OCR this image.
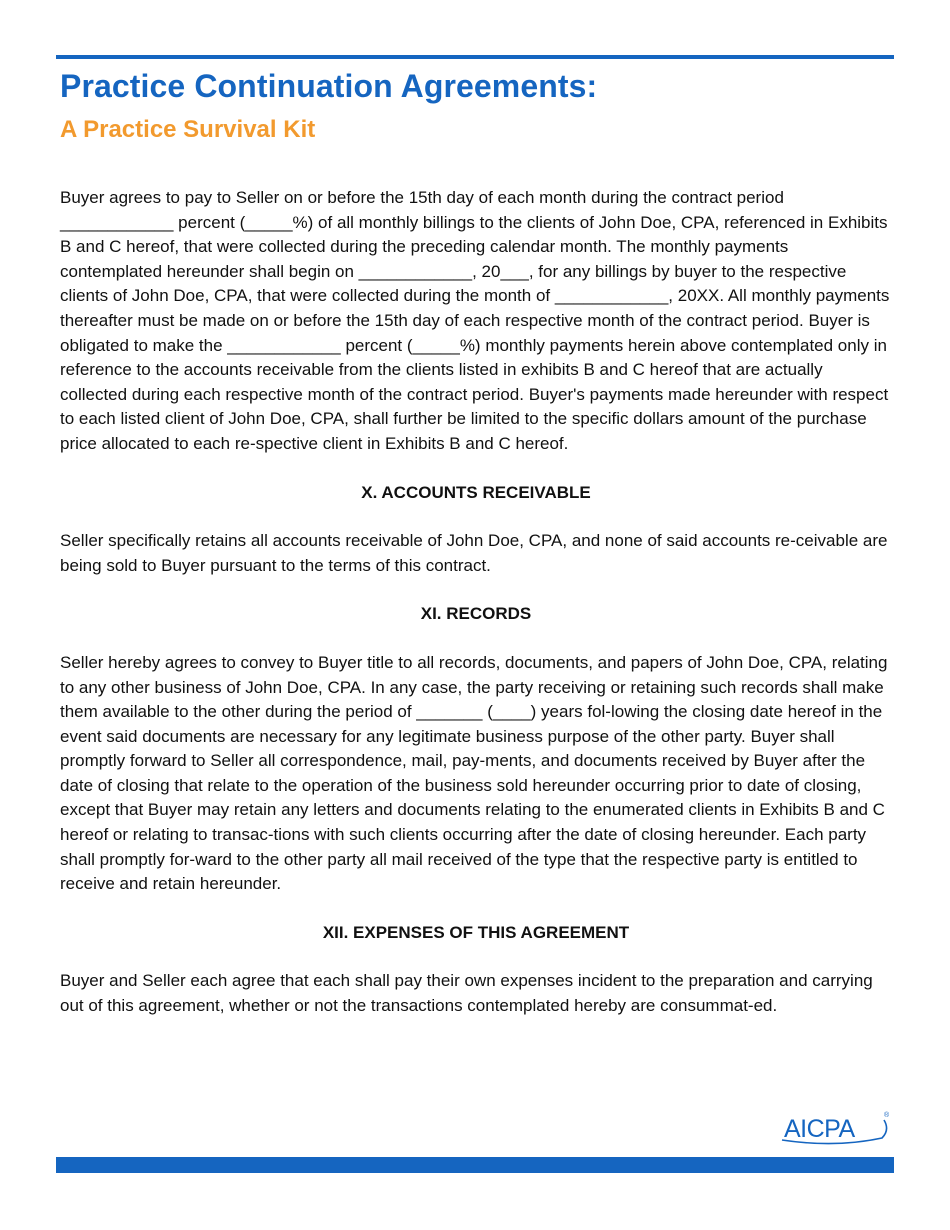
Practice Continuation Agreements:
A Practice Survival Kit

Buyer agrees to pay to Seller on or before the 15th day of each month during the contract period ____________ percent (_____%) of all monthly billings to the clients of John Doe, CPA, referenced in Exhibits B and C hereof, that were collected during the preceding calendar month. The monthly payments contemplated hereunder shall begin on ____________, 20___, for any billings by buyer to the respective clients of John Doe, CPA, that were collected during the month of ____________, 20XX. All monthly payments thereafter must be made on or before the 15th day of each respective month of the contract period. Buyer is obligated to make the ____________ percent (_____%) monthly payments herein above contemplated only in reference to the accounts receivable from the clients listed in exhibits B and C hereof that are actually collected during each respective month of the contract period. Buyer's payments made hereunder with respect to each listed client of John Doe, CPA, shall further be limited to the specific dollars amount of the purchase price allocated to each re-spective client in Exhibits B and C hereof.

X. ACCOUNTS RECEIVABLE

Seller specifically retains all accounts receivable of John Doe, CPA, and none of said accounts re-ceivable are being sold to Buyer pursuant to the terms of this contract.

XI. RECORDS

Seller hereby agrees to convey to Buyer title to all records, documents, and papers of John Doe, CPA, relating to any other business of John Doe, CPA. In any case, the party receiving or retaining such records shall make them available to the other during the period of _______ (____) years fol-lowing the closing date hereof in the event said documents are necessary for any legitimate business purpose of the other party. Buyer shall promptly forward to Seller all correspondence, mail, pay-ments, and documents received by Buyer after the date of closing that relate to the operation of the business sold hereunder occurring prior to date of closing, except that Buyer may retain any letters and documents relating to the enumerated clients in Exhibits B and C hereof or relating to transac-tions with such clients occurring after the date of closing hereunder. Each party shall promptly for-ward to the other party all mail received of the type that the respective party is entitled to receive and retain hereunder.

XII. EXPENSES OF THIS AGREEMENT

Buyer and Seller each agree that each shall pay their own expenses incident to the preparation and carrying out of this agreement, whether or not the transactions contemplated hereby are consummat-ed.

AICPA	®
